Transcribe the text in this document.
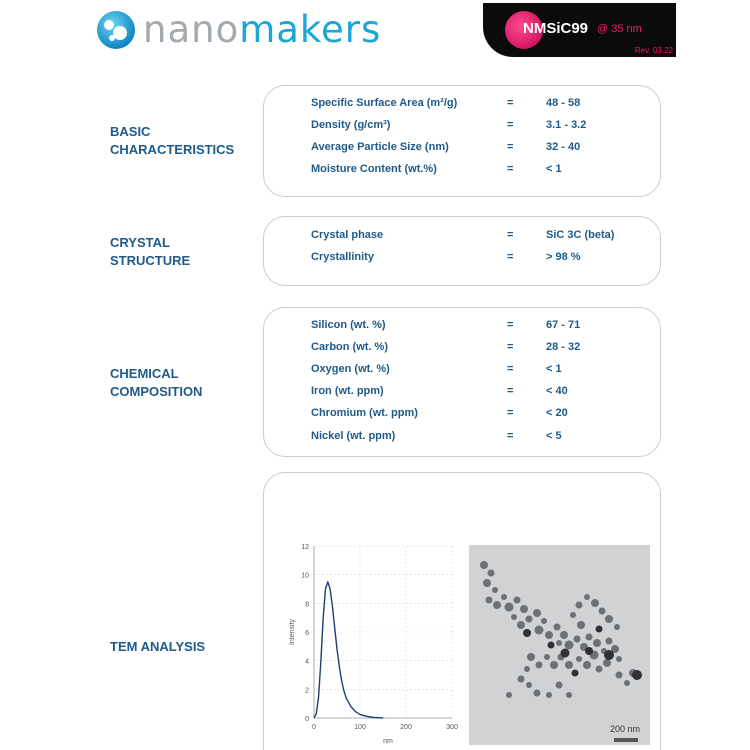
nanomakers	NMSiC99 @ 35 nm
Rev. 03.22
BASIC
CHARACTERISTICS
Specific Surface Area (m²/g)	=	48 - 58
Density (g/cm³)	=	3.1 - 3.2
Average Particle Size (nm)	=	32 - 40
Moisture Content (wt.%)	=	< 1
CRYSTAL
STRUCTURE
Crystal phase	=	SiC 3C (beta)
Crystallinity	=	> 98 %
CHEMICAL
COMPOSITION
Silicon (wt. %)	=	67 - 71
Carbon (wt. %)	=	28 - 32
Oxygen (wt. %)	=	< 1
Iron (wt. ppm)	=	< 40
Chromium (wt. ppm)	=	< 20
Nickel (wt. ppm)	=	< 5
TEM ANALYSIS
0
2
4
6
8
10
12
0	100	200	300
nm
Intensity
200 nm
